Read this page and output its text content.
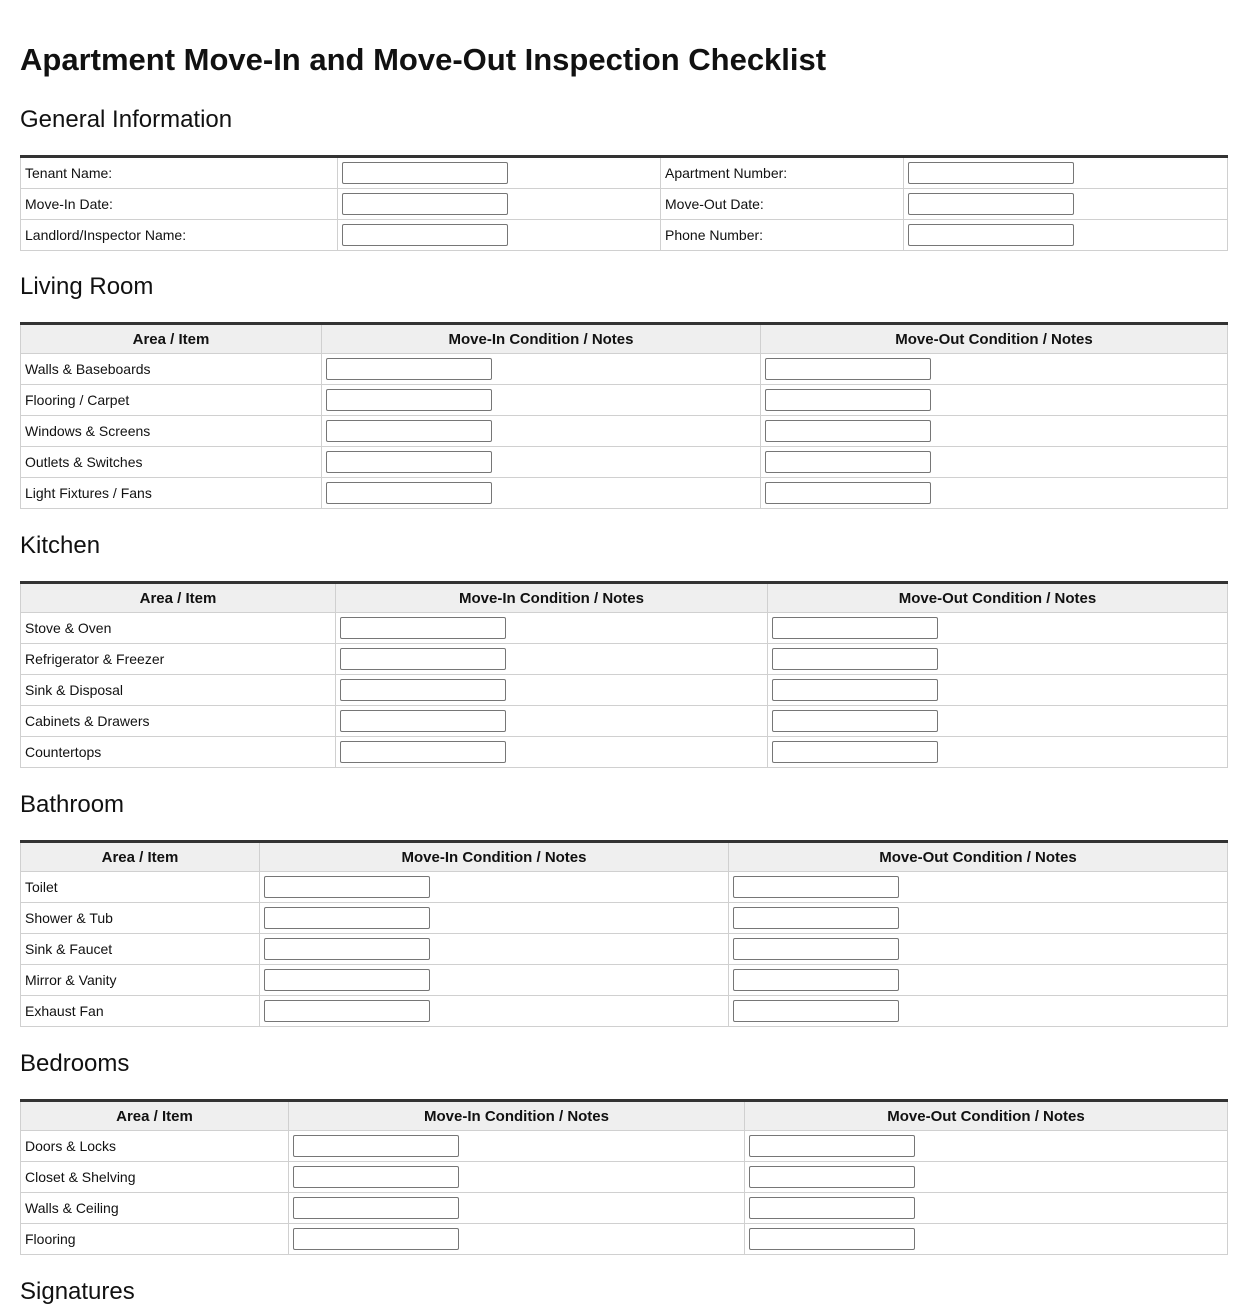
Apartment Move-In and Move-Out Inspection Checklist
General Information
Tenant Name:		Apartment Number:	

Move-In Date:		Move-Out Date:	

Landlord/Inspector Name:		Phone Number:	
Living Room
Area / Item	Move-In Condition / Notes	Move-Out Condition / Notes
Walls & Baseboards	

Flooring / Carpet	

Windows & Screens	

Outlets & Switches	

Light Fixtures / Fans	

Kitchen
Area / Item	Move-In Condition / Notes	Move-Out Condition / Notes
Stove & Oven	

Refrigerator & Freezer	

Sink & Disposal	

Cabinets & Drawers	

Countertops	

Bathroom
Area / Item	Move-In Condition / Notes	Move-Out Condition / Notes
Toilet	

Shower & Tub	

Sink & Faucet	

Mirror & Vanity	

Exhaust Fan	

Bedrooms
Area / Item	Move-In Condition / Notes	Move-Out Condition / Notes
Doors & Locks	

Closet & Shelving	

Walls & Ceiling	

Flooring	

Signatures
